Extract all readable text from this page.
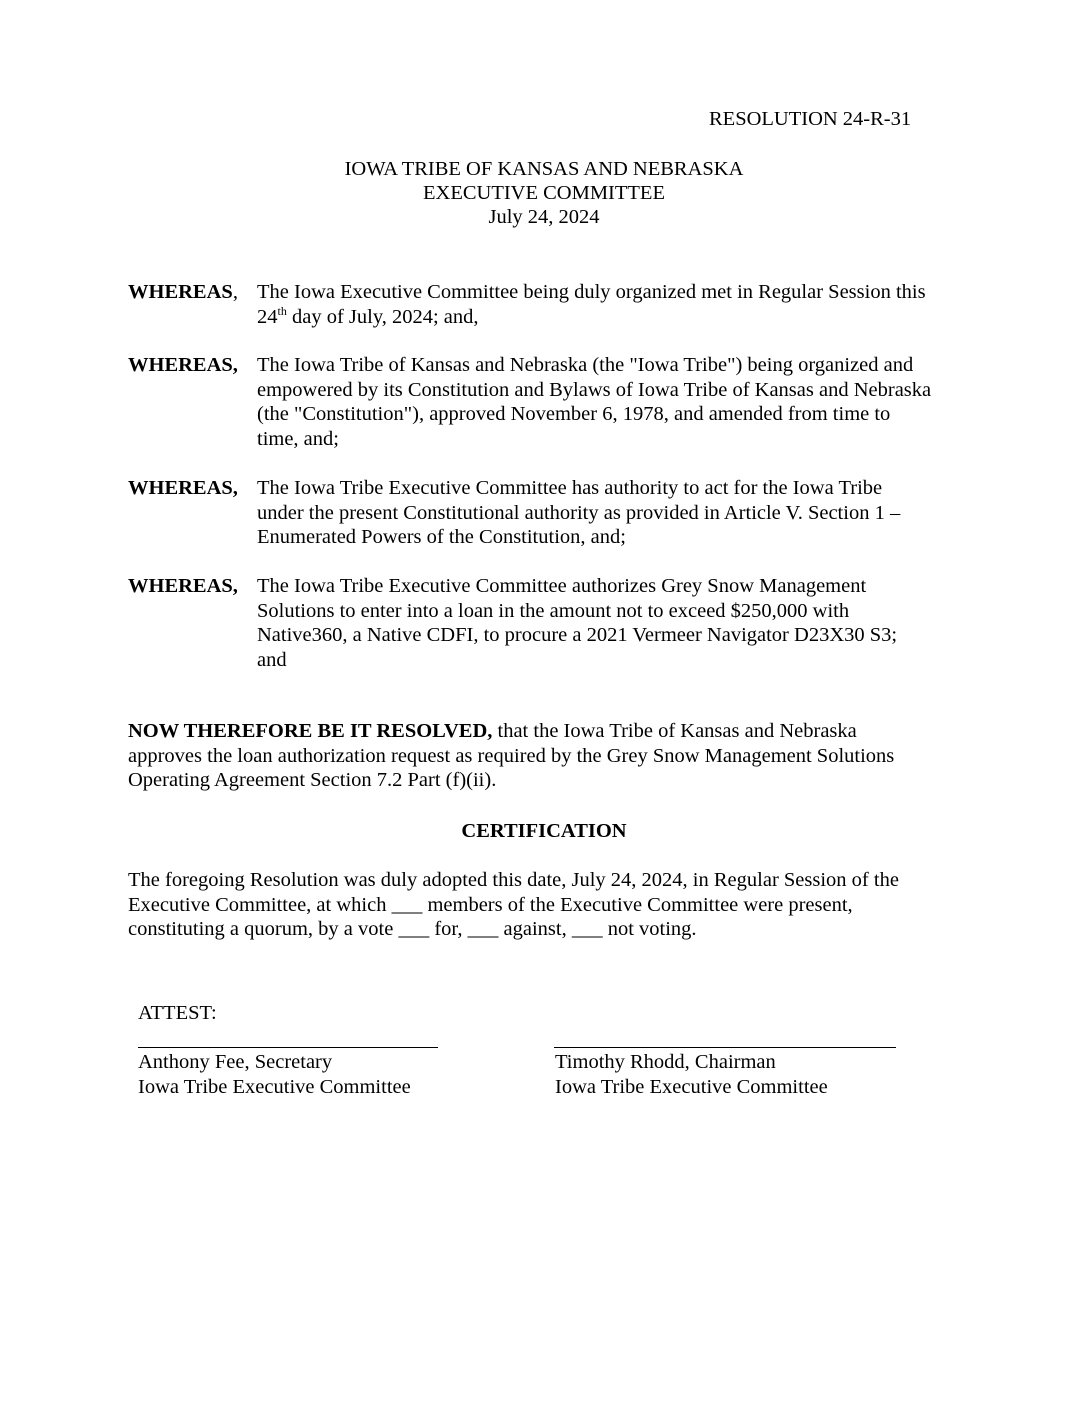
RESOLUTION 24-R-31
IOWA TRIBE OF KANSAS AND NEBRASKA
EXECUTIVE COMMITTEE
July 24, 2024
WHEREAS, The Iowa Executive Committee being duly organized met in Regular Session this
24th day of July, 2024; and,
WHEREAS, The Iowa Tribe of Kansas and Nebraska (the "Iowa Tribe") being organized and
empowered by its Constitution and Bylaws of Iowa Tribe of Kansas and Nebraska
(the "Constitution"), approved November 6, 1978, and amended from time to
time, and;
WHEREAS, The Iowa Tribe Executive Committee has authority to act for the Iowa Tribe
under the present Constitutional authority as provided in Article V. Section 1 –
Enumerated Powers of the Constitution, and;
WHEREAS, The Iowa Tribe Executive Committee authorizes Grey Snow Management
Solutions to enter into a loan in the amount not to exceed $250,000 with
Native360, a Native CDFI, to procure a 2021 Vermeer Navigator D23X30 S3;
and
NOW THEREFORE BE IT RESOLVED, that the Iowa Tribe of Kansas and Nebraska
approves the loan authorization request as required by the Grey Snow Management Solutions
Operating Agreement Section 7.2 Part (f)(ii).
CERTIFICATION
The foregoing Resolution was duly adopted this date, July 24, 2024, in Regular Session of the
Executive Committee, at which ___ members of the Executive Committee were present,
constituting a quorum, by a vote ___ for, ___ against, ___ not voting.
ATTEST:
Anthony Fee, Secretary
Iowa Tribe Executive Committee
Timothy Rhodd, Chairman
Iowa Tribe Executive Committee
